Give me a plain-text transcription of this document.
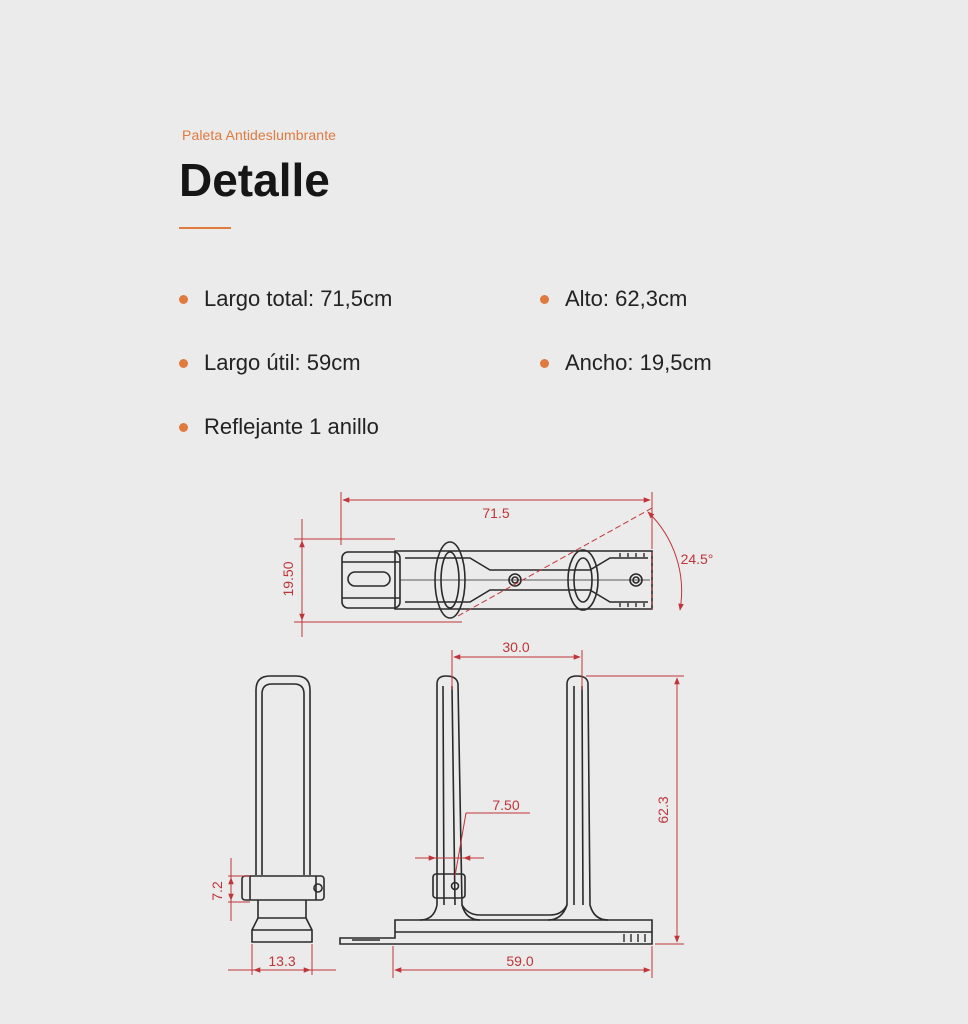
Paleta Antideslumbrante
Detalle
Largo total: 71,5cm	Alto: 62,3cm
Largo útil: 59cm	Ancho: 19,5cm
Reflejante 1 anillo
71.5
19.50
24.5°
7.2
13.3
30.0
7.50	62.3
59.0
